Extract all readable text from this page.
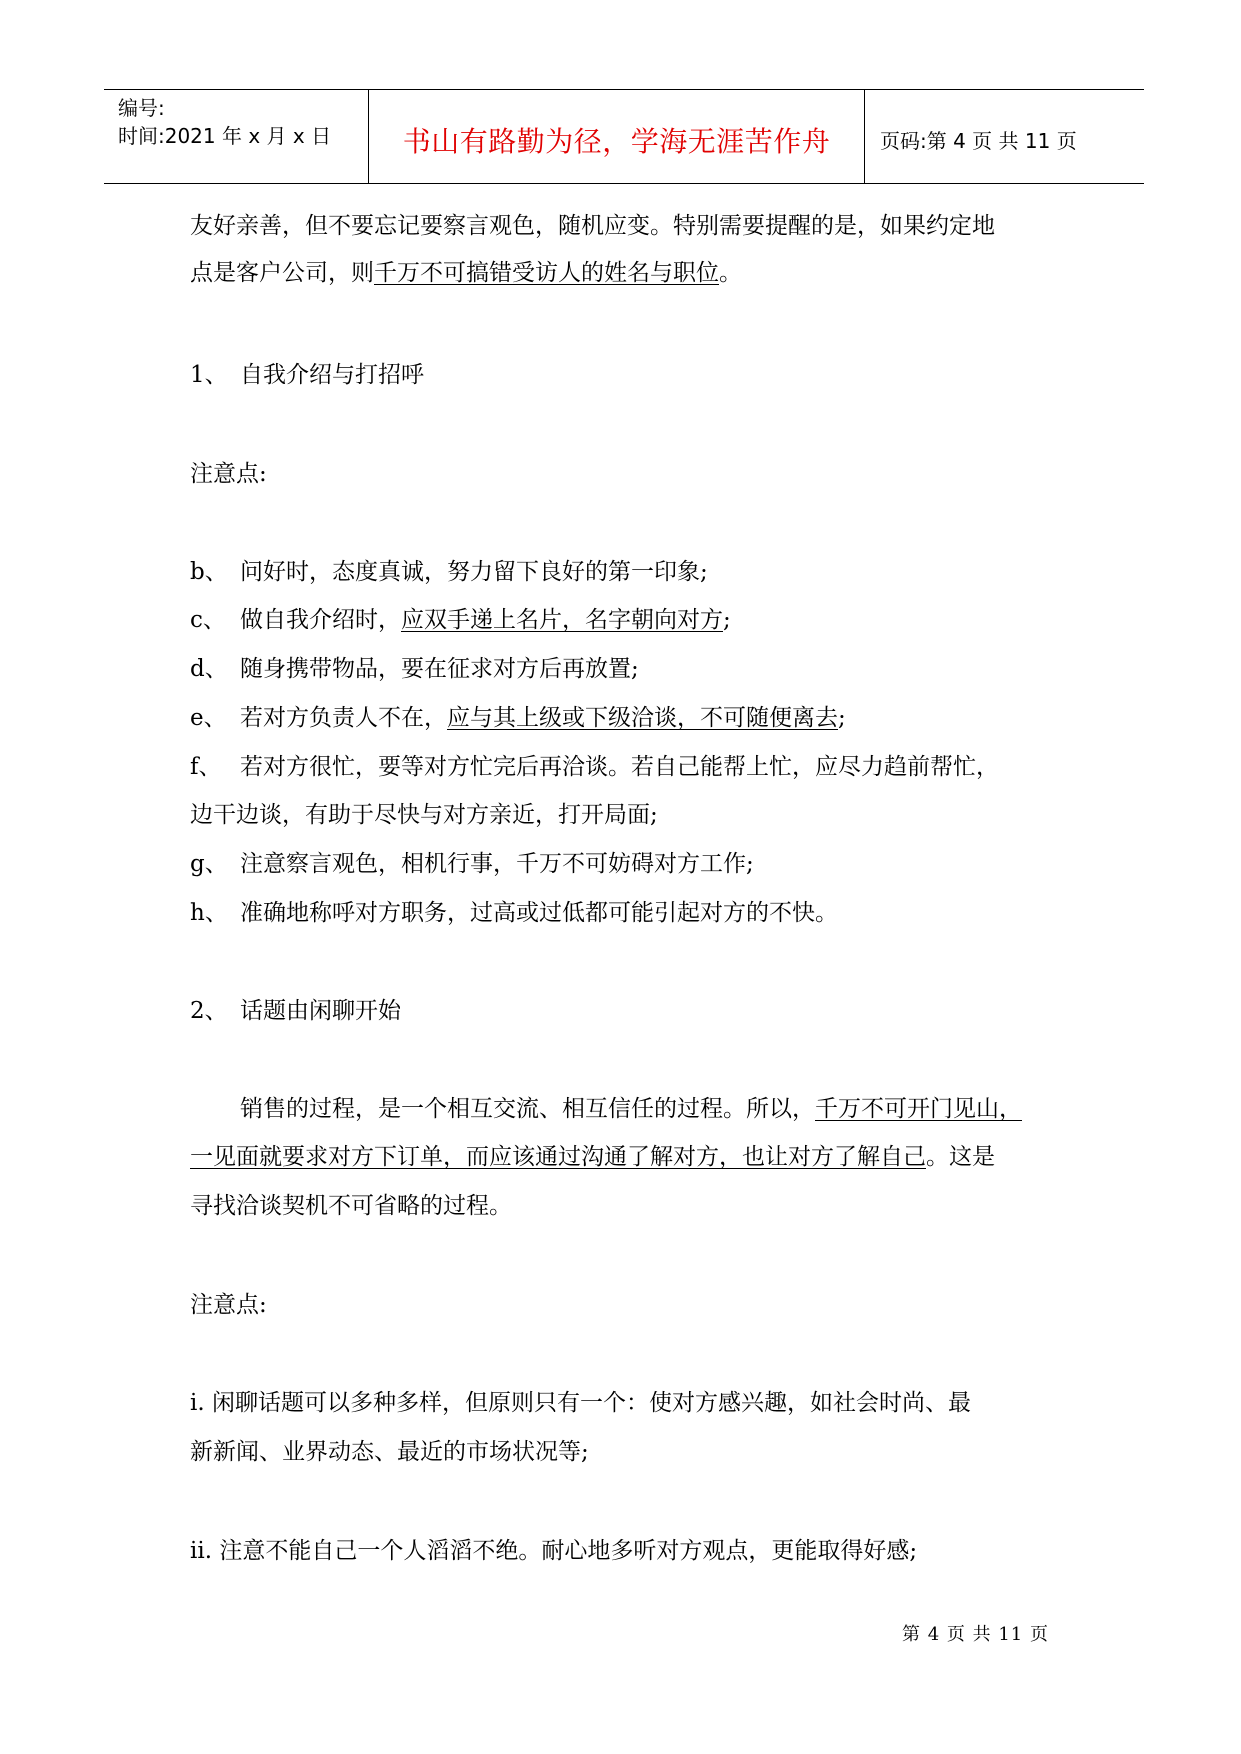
编号:
时间:2021 年 x 月 x 日	书山有路勤为径，学海无涯苦作舟	页码:第 4 页 共 11 页
友好亲善，但不要忘记要察言观色，随机应变。特别需要提醒的是，如果约定地
点是客户公司，则千万不可搞错受访人的姓名与职位。
1、 自我介绍与打招呼
注意点:
b、 问好时，态度真诚，努力留下良好的第一印象;
c、 做自我介绍时，应双手递上名片，名字朝向对方;
d、 随身携带物品，要在征求对方后再放置;
e、 若对方负责人不在，应与其上级或下级洽谈，不可随便离去;
f、 若对方很忙，要等对方忙完后再洽谈。若自己能帮上忙，应尽力趋前帮忙，
边干边谈，有助于尽快与对方亲近，打开局面;
g、 注意察言观色，相机行事，千万不可妨碍对方工作;
h、 准确地称呼对方职务，过高或过低都可能引起对方的不快。
2、 话题由闲聊开始
销售的过程，是一个相互交流、相互信任的过程。所以，千万不可开门见山，
一见面就要求对方下订单，而应该通过沟通了解对方，也让对方了解自己。这是
寻找洽谈契机不可省略的过程。
注意点:
i. 闲聊话题可以多种多样，但原则只有一个：使对方感兴趣，如社会时尚、最
新新闻、业界动态、最近的市场状况等;
ii. 注意不能自己一个人滔滔不绝。耐心地多听对方观点，更能取得好感;
第 4 页 共 11 页
